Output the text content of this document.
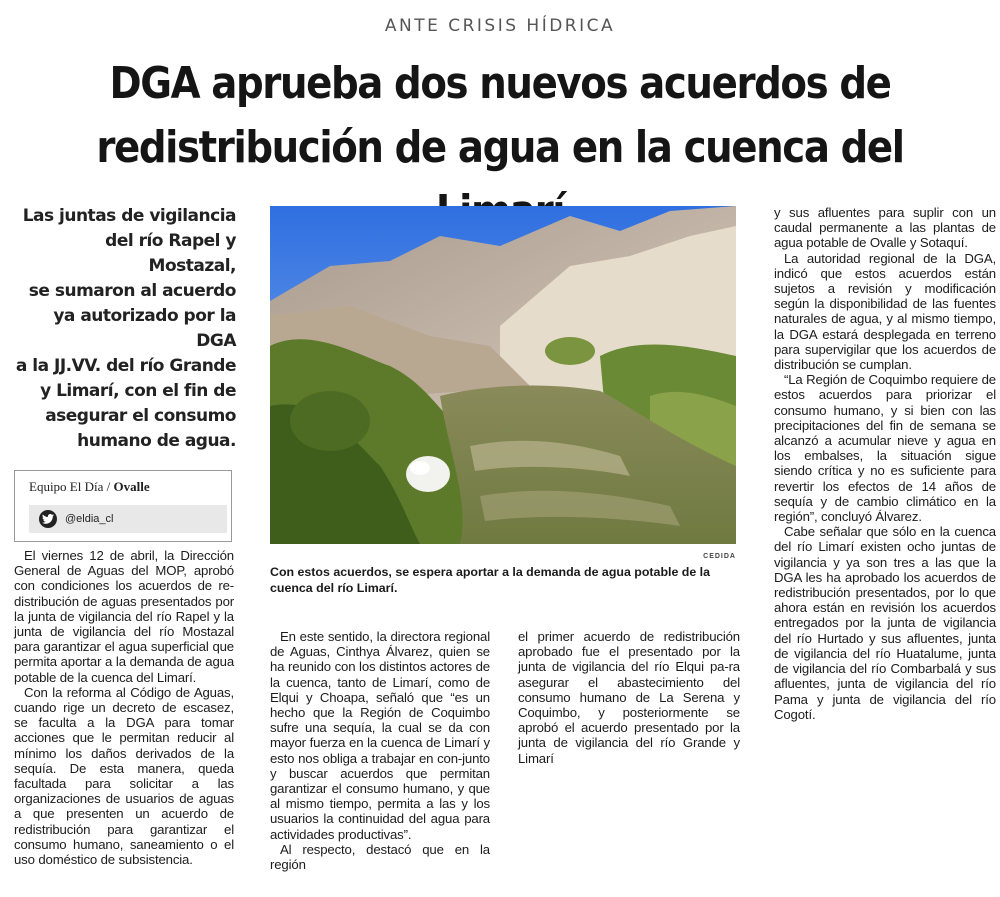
ANTE CRISIS HÍDRICA
DGA aprueba dos nuevos acuerdos de
redistribución de agua en la cuenca del
Las juntas de vigilancia
del río Rapel y Mostazal,
se sumaron al acuerdo
ya autorizado por la DGA
a la JJ.VV. del río Grande
y Limarí, con el fin de
asegurar el consumo
humano de agua.
Equipo El Día / Ovalle
@eldia_cl

El viernes 12 de abril, la Dirección General de Aguas del MOP, aprobó con condiciones los acuerdos de re-distribución de aguas presentados por la junta de vigilancia del río Rapel y la junta de vigilancia del río Mostazal para garantizar el agua superficial que permita aportar a la demanda de agua potable de la cuenca del Limarí.

Con la reforma al Código de Aguas, cuando rige un decreto de escasez, se faculta a la DGA para tomar acciones que le permitan reducir al mínimo los daños derivados de la sequía. De esta manera, queda facultada para solicitar a las organizaciones de usuarios de aguas a que presenten un acuerdo de redistribución para garantizar el consumo humano, saneamiento o el uso doméstico de subsistencia.

CEDIDA
Con estos acuerdos, se espera aportar a la demanda de agua potable de la cuenca del río Limarí.

En este sentido, la directora regional de Aguas, Cinthya Álvarez, quien se ha reunido con los distintos actores de la cuenca, tanto de Limarí, como de Elqui y Choapa, señaló que “es un hecho que la Región de Coquimbo sufre una sequía, la cual se da con mayor fuerza en la cuenca de Limarí y esto nos obliga a trabajar en con-junto y buscar acuerdos que permitan garantizar el consumo humano, y que al mismo tiempo, permita a las y los usuarios la continuidad del agua para actividades productivas”.

Al respecto, destacó que en la región

el primer acuerdo de redistribución aprobado fue el presentado por la junta de vigilancia del río Elqui pa-ra asegurar el abastecimiento del consumo humano de La Serena y Coquimbo, y posteriormente se aprobó el acuerdo presentado por la junta de vigilancia del río Grande y Limarí

y sus afluentes para suplir con un caudal permanente a las plantas de agua potable de Ovalle y Sotaquí.

La autoridad regional de la DGA, indicó que estos acuerdos están sujetos a revisión y modificación según la disponibilidad de las fuentes naturales de agua, y al mismo tiempo, la DGA estará desplegada en terreno para supervigilar que los acuerdos de distribución se cumplan.

“La Región de Coquimbo requiere de estos acuerdos para priorizar el consumo humano, y si bien con las precipitaciones del fin de semana se alcanzó a acumular nieve y agua en los embalses, la situación sigue siendo crítica y no es suficiente para revertir los efectos de 14 años de sequía y de cambio climático en la región”, concluyó Álvarez.

Cabe señalar que sólo en la cuenca del río Limarí existen ocho juntas de vigilancia y ya son tres a las que la DGA les ha aprobado los acuerdos de redistribución presentados, por lo que ahora están en revisión los acuerdos entregados por la junta de vigilancia del río Hurtado y sus afluentes, junta de vigilancia del río Huatalume, junta de vigilancia del río Combarbalá y sus afluentes, junta de vigilancia del río Pama y junta de vigilancia del río Cogotí.
